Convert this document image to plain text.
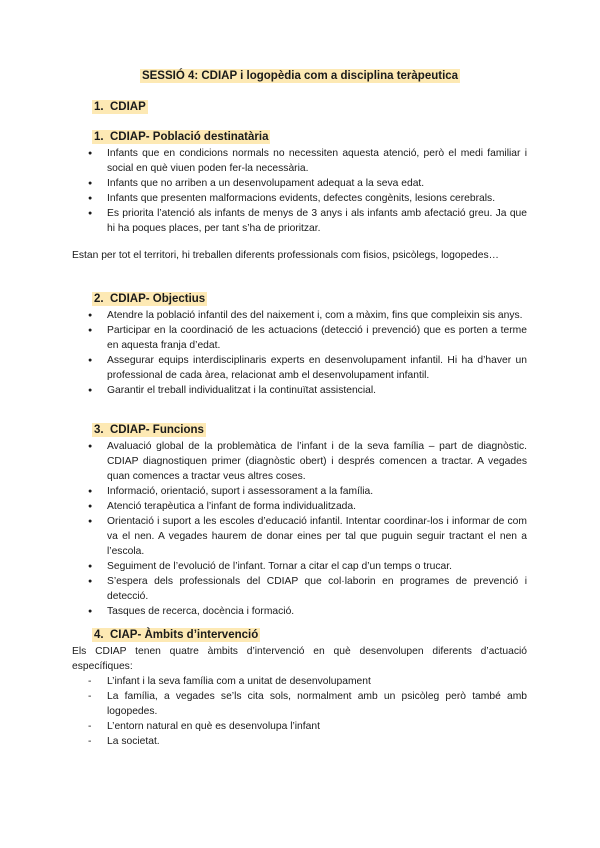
SESSIÓ 4: CDIAP i logopèdia com a disciplina teràpeutica
1. CDIAP
1. CDIAP- Població destinatària
● Infants que en condicions normals no necessiten aquesta atenció, però el medi familiar i social en què viuen poden fer-la necessària.
● Infants que no arriben a un desenvolupament adequat a la seva edat.
● Infants que presenten malformacions evidents, defectes congènits, lesions cerebrals.
● Es priorita l’atenció als infants de menys de 3 anys i als infants amb afectació greu. Ja que hi ha poques places, per tant s’ha de prioritzar.

Estan per tot el territori, hi treballen diferents professionals com fisios, psicòlegs, logopedes…

2. CDIAP- Objectius
● Atendre la població infantil des del naixement i, com a màxim, fins que compleixin sis anys.
● Participar en la coordinació de les actuacions (detecció i prevenció) que es porten a terme en aquesta franja d’edat.
● Assegurar equips interdisciplinaris experts en desenvolupament infantil. Hi ha d’haver un professional de cada àrea, relacionat amb el desenvolupament infantil.
● Garantir el treball individualitzat i la continuïtat assistencial.
3. CDIAP- Funcions
● Avaluació global de la problemàtica de l’infant i de la seva família – part de diagnòstic. CDIAP diagnostiquen primer (diagnòstic obert) i després comencen a tractar. A vegades quan comences a tractar veus altres coses.
● Informació, orientació, suport i assessorament a la família.
● Atenció terapèutica a l’infant de forma individualitzada.
● Orientació i suport a les escoles d’educació infantil. Intentar coordinar-los i informar de com va el nen. A vegades haurem de donar eines per tal que puguin seguir tractant el nen a l’escola.
● Seguiment de l’evolució de l’infant. Tornar a citar el cap d’un temps o trucar.
● S’espera dels professionals del CDIAP que col·laborin en programes de prevenció i detecció.
● Tasques de recerca, docència i formació.
4. CIAP- Àmbits d’intervenció

Els CDIAP tenen quatre àmbits d’intervenció en què desenvolupen diferents d’actuació específiques:

- L’infant i la seva família com a unitat de desenvolupament
- La família, a vegades se’ls cita sols, normalment amb un psicòleg però també amb logopedes.
- L’entorn natural en què es desenvolupa l’infant
- La societat.
